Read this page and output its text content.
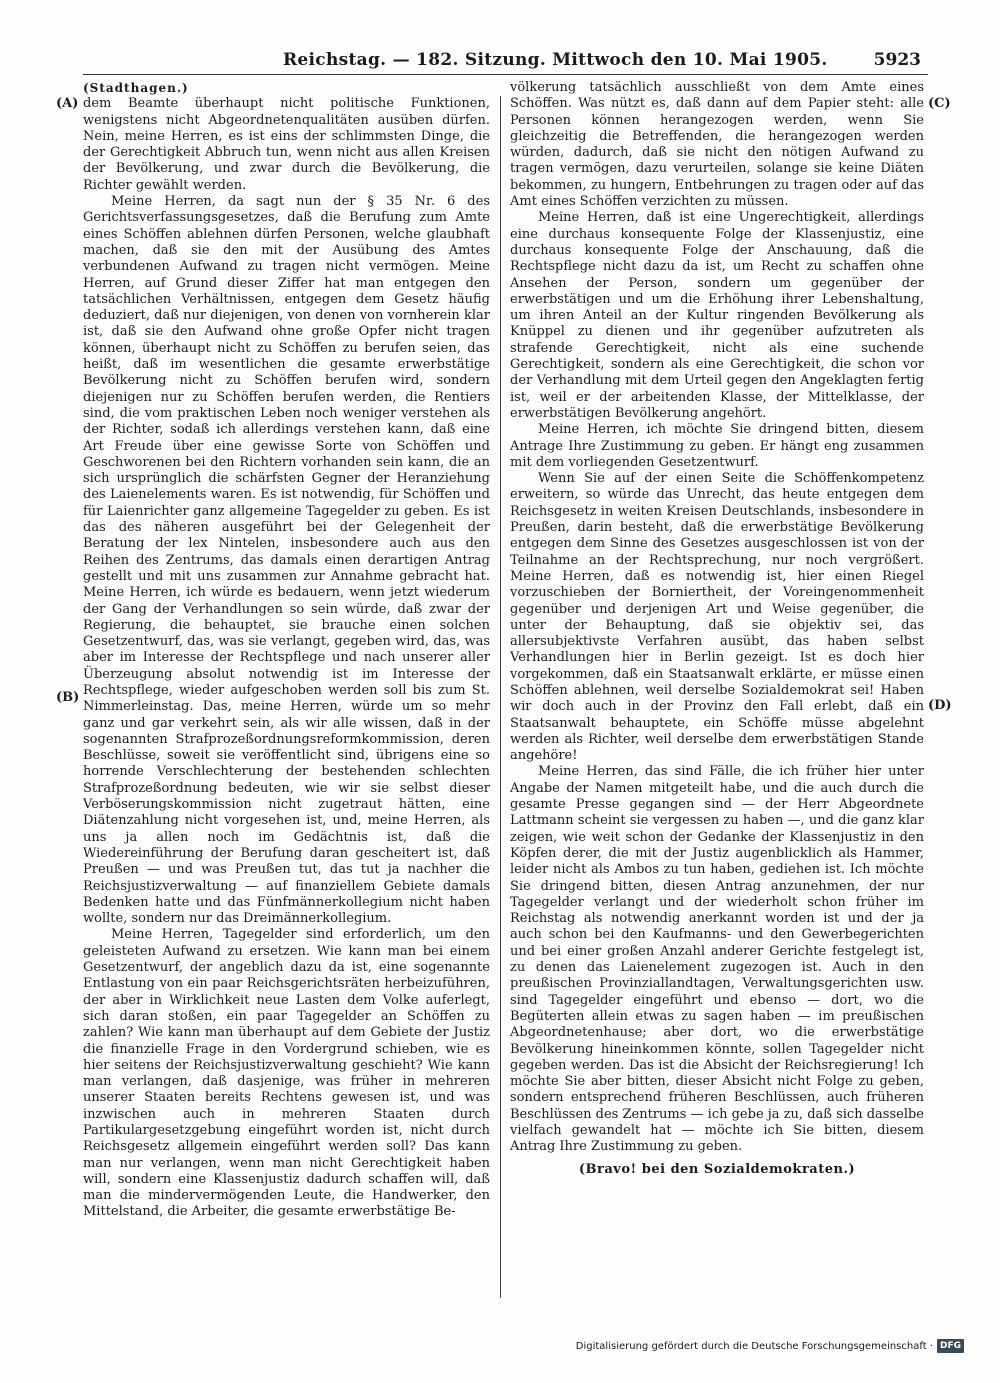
Reichstag. — 182. Sitzung. Mittwoch den 10. Mai 1905.	5923
(A)
(B)
(C)
(D)

(Stadthagen.)

dem Beamte überhaupt nicht politische Funktionen, wenigstens nicht Abgeordnetenqualitäten ausüben dürfen. Nein, meine Herren, es ist eins der schlimmsten Dinge, die der Gerechtigkeit Abbruch tun, wenn nicht aus allen Kreisen der Bevölkerung, und zwar durch die Bevölkerung, die Richter gewählt werden.

Meine Herren, da sagt nun der § 35 Nr. 6 des Gerichtsverfassungsgesetzes, daß die Berufung zum Amte eines Schöffen ablehnen dürfen Personen, welche glaubhaft machen, daß sie den mit der Ausübung des Amtes verbundenen Aufwand zu tragen nicht vermögen. Meine Herren, auf Grund dieser Ziffer hat man entgegen den tatsächlichen Verhältnissen, entgegen dem Gesetz häufig deduziert, daß nur diejenigen, von denen von vornherein klar ist, daß sie den Aufwand ohne große Opfer nicht tragen können, überhaupt nicht zu Schöffen zu berufen seien, das heißt, daß im wesentlichen die gesamte erwerbstätige Bevölkerung nicht zu Schöffen berufen wird, sondern diejenigen nur zu Schöffen berufen werden, die Rentiers sind, die vom praktischen Leben noch weniger verstehen als der Richter, sodaß ich allerdings verstehen kann, daß eine Art Freude über eine gewisse Sorte von Schöffen und Geschworenen bei den Richtern vorhanden sein kann, die an sich ursprünglich die schärfsten Gegner der Heranziehung des Laienelements waren. Es ist notwendig, für Schöffen und für Laienrichter ganz allgemeine Tagegelder zu geben. Es ist das des näheren ausgeführt bei der Gelegenheit der Beratung der lex Nintelen, insbesondere auch aus den Reihen des Zentrums, das damals einen derartigen Antrag gestellt und mit uns zusammen zur Annahme gebracht hat. Meine Herren, ich würde es bedauern, wenn jetzt wiederum der Gang der Verhandlungen so sein würde, daß zwar der Regierung, die behauptet, sie brauche einen solchen Gesetzentwurf, das, was sie verlangt, gegeben wird, das, was aber im Interesse der Rechtspflege und nach unserer aller Überzeugung absolut notwendig ist im Interesse der Rechtspflege, wieder aufgeschoben werden soll bis zum St. Nimmerleinstag. Das, meine Herren, würde um so mehr ganz und gar verkehrt sein, als wir alle wissen, daß in der sogenannten Strafprozeßordnungsreformkommission, deren Beschlüsse, soweit sie veröffentlicht sind, übrigens eine so horrende Verschlechterung der bestehenden schlechten Strafprozeßordnung bedeuten, wie wir sie selbst dieser Verböserungskommission nicht zugetraut hätten, eine Diätenzahlung nicht vorgesehen ist, und, meine Herren, als uns ja allen noch im Gedächtnis ist, daß die Wiedereinführung der Berufung daran gescheitert ist, daß Preußen — und was Preußen tut, das tut ja nachher die Reichsjustizverwaltung — auf finanziellem Gebiete damals Bedenken hatte und das Fünfmännerkollegium nicht haben wollte, sondern nur das Dreimännerkollegium.

Meine Herren, Tagegelder sind erforderlich, um den geleisteten Aufwand zu ersetzen. Wie kann man bei einem Gesetzentwurf, der angeblich dazu da ist, eine sogenannte Entlastung von ein paar Reichsgerichtsräten herbeizuführen, der aber in Wirklichkeit neue Lasten dem Volke auferlegt, sich daran stoßen, ein paar Tagegelder an Schöffen zu zahlen? Wie kann man überhaupt auf dem Gebiete der Justiz die finanzielle Frage in den Vordergrund schieben, wie es hier seitens der Reichsjustizverwaltung geschieht? Wie kann man verlangen, daß dasjenige, was früher in mehreren unserer Staaten bereits Rechtens gewesen ist, und was inzwischen auch in mehreren Staaten durch Partikulargesetzgebung eingeführt worden ist, nicht durch Reichsgesetz allgemein eingeführt werden soll? Das kann man nur verlangen, wenn man nicht Gerechtigkeit haben will, sondern eine Klassenjustiz dadurch schaffen will, daß man die mindervermögenden Leute, die Handwerker, den Mittelstand, die Arbeiter, die gesamte erwerbstätige Be-

völkerung tatsächlich ausschließt von dem Amte eines Schöffen. Was nützt es, daß dann auf dem Papier steht: alle Personen können herangezogen werden, wenn Sie gleichzeitig die Betreffenden, die herangezogen werden würden, dadurch, daß sie nicht den nötigen Aufwand zu tragen vermögen, dazu verurteilen, solange sie keine Diäten bekommen, zu hungern, Entbehrungen zu tragen oder auf das Amt eines Schöffen verzichten zu müssen.

Meine Herren, daß ist eine Ungerechtigkeit, allerdings eine durchaus konsequente Folge der Klassenjustiz, eine durchaus konsequente Folge der Anschauung, daß die Rechtspflege nicht dazu da ist, um Recht zu schaffen ohne Ansehen der Person, sondern um gegenüber der erwerbstätigen und um die Erhöhung ihrer Lebenshaltung, um ihren Anteil an der Kultur ringenden Bevölkerung als Knüppel zu dienen und ihr gegenüber aufzutreten als strafende Gerechtigkeit, nicht als eine suchende Gerechtigkeit, sondern als eine Gerechtigkeit, die schon vor der Verhandlung mit dem Urteil gegen den Angeklagten fertig ist, weil er der arbeitenden Klasse, der Mittelklasse, der erwerbstätigen Bevölkerung angehört.

Meine Herren, ich möchte Sie dringend bitten, diesem Antrage Ihre Zustimmung zu geben. Er hängt eng zusammen mit dem vorliegenden Gesetzentwurf.

Wenn Sie auf der einen Seite die Schöffenkompetenz erweitern, so würde das Unrecht, das heute entgegen dem Reichsgesetz in weiten Kreisen Deutschlands, insbesondere in Preußen, darin besteht, daß die erwerbstätige Bevölkerung entgegen dem Sinne des Gesetzes ausgeschlossen ist von der Teilnahme an der Rechtsprechung, nur noch vergrößert. Meine Herren, daß es notwendig ist, hier einen Riegel vorzuschieben der Borniertheit, der Voreingenommenheit gegenüber und derjenigen Art und Weise gegenüber, die unter der Behauptung, daß sie objektiv sei, das allersubjektivste Verfahren ausübt, das haben selbst Verhandlungen hier in Berlin gezeigt. Ist es doch hier vorgekommen, daß ein Staatsanwalt erklärte, er müsse einen Schöffen ablehnen, weil derselbe Sozialdemokrat sei! Haben wir doch auch in der Provinz den Fall erlebt, daß ein Staatsanwalt behauptete, ein Schöffe müsse abgelehnt werden als Richter, weil derselbe dem erwerbstätigen Stande angehöre!

Meine Herren, das sind Fälle, die ich früher hier unter Angabe der Namen mitgeteilt habe, und die auch durch die gesamte Presse gegangen sind — der Herr Abgeordnete Lattmann scheint sie vergessen zu haben —, und die ganz klar zeigen, wie weit schon der Gedanke der Klassenjustiz in den Köpfen derer, die mit der Justiz augenblicklich als Hammer, leider nicht als Ambos zu tun haben, gediehen ist. Ich möchte Sie dringend bitten, diesen Antrag anzunehmen, der nur Tagegelder verlangt und der wiederholt schon früher im Reichstag als notwendig anerkannt worden ist und der ja auch schon bei den Kaufmanns- und den Gewerbegerichten und bei einer großen Anzahl anderer Gerichte festgelegt ist, zu denen das Laienelement zugezogen ist. Auch in den preußischen Provinziallandtagen, Verwaltungsgerichten usw. sind Tagegelder eingeführt und ebenso — dort, wo die Begüterten allein etwas zu sagen haben — im preußischen Abgeordnetenhause; aber dort, wo die erwerbstätige Bevölkerung hineinkommen könnte, sollen Tagegelder nicht gegeben werden. Das ist die Absicht der Reichsregierung! Ich möchte Sie aber bitten, dieser Absicht nicht Folge zu geben, sondern entsprechend früheren Beschlüssen, auch früheren Beschlüssen des Zentrums — ich gebe ja zu, daß sich dasselbe vielfach gewandelt hat — möchte ich Sie bitten, diesem Antrag Ihre Zustimmung zu geben.

(Bravo! bei den Sozialdemokraten.)

Digitalisierung gefördert durch die Deutsche Forschungsgemeinschaft · DFG
